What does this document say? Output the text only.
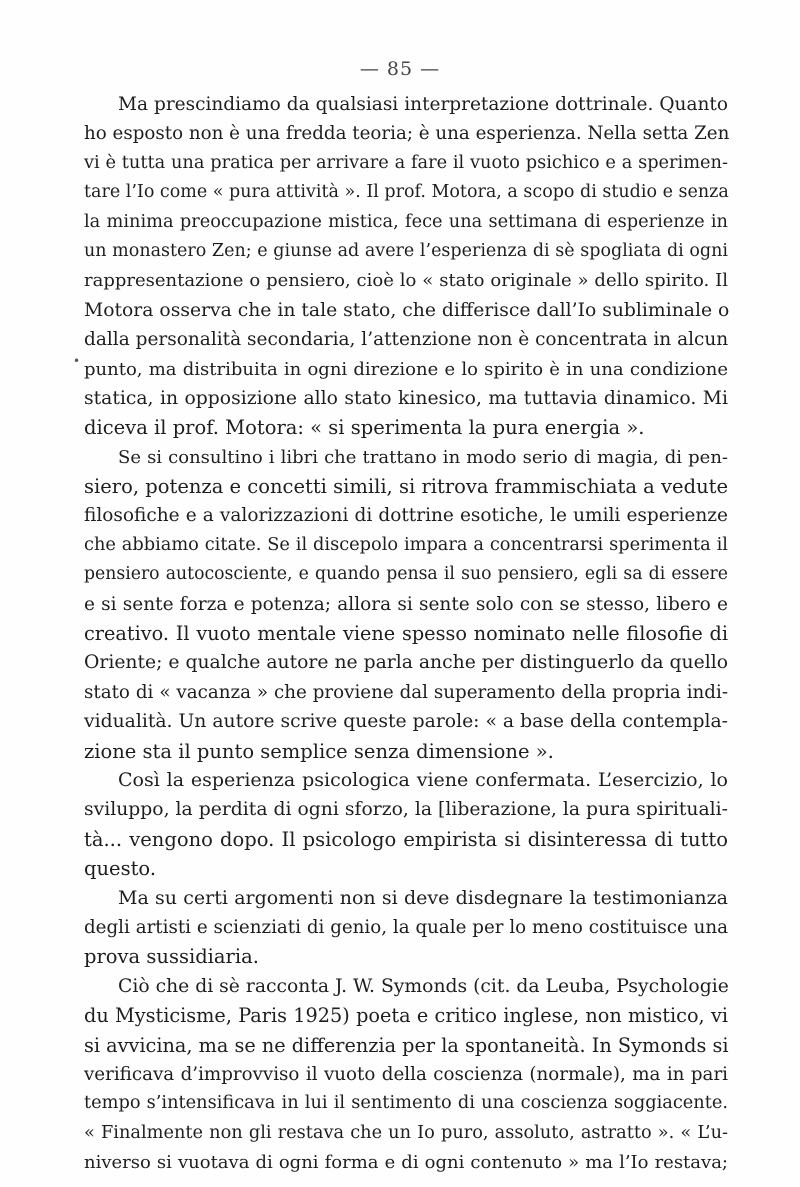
— 85 —
•
Ma prescindiamo da qualsiasi interpretazione dottrinale. Quanto
ho esposto non è una fredda teoria; è una esperienza. Nella setta Zen
vi è tutta una pratica per arrivare a fare il vuoto psichico e a sperimen-
tare l’Io come « pura attività ». Il prof. Motora, a scopo di studio e senza
la minima preoccupazione mistica, fece una settimana di esperienze in
un monastero Zen; e giunse ad avere l’esperienza di sè spogliata di ogni
rappresentazione o pensiero, cioè lo « stato originale » dello spirito. Il
Motora osserva che in tale stato, che differisce dall’Io subliminale o
dalla personalità secondaria, l’attenzione non è concentrata in alcun
punto, ma distribuita in ogni direzione e lo spirito è in una condizione
statica, in opposizione allo stato kinesico, ma tuttavia dinamico. Mi
diceva il prof. Motora: « si sperimenta la pura energia ».
Se si consultino i libri che trattano in modo serio di magia, di pen-
siero, potenza e concetti simili, si ritrova frammischiata a vedute
filosofiche e a valorizzazioni di dottrine esotiche, le umili esperienze
che abbiamo citate. Se il discepolo impara a concentrarsi sperimenta il
pensiero autocosciente, e quando pensa il suo pensiero, egli sa di essere
e si sente forza e potenza; allora si sente solo con se stesso, libero e
creativo. Il vuoto mentale viene spesso nominato nelle filosofie di
Oriente; e qualche autore ne parla anche per distinguerlo da quello
stato di « vacanza » che proviene dal superamento della propria indi-
vidualità. Un autore scrive queste parole: « a base della contempla-
zione sta il punto semplice senza dimensione ».
Così la esperienza psicologica viene confermata. L’esercizio, lo
sviluppo, la perdita di ogni sforzo, la [liberazione, la pura spirituali-
tà... vengono dopo. Il psicologo empirista si disinteressa di tutto
questo.
Ma su certi argomenti non si deve disdegnare la testimonianza
degli artisti e scienziati di genio, la quale per lo meno costituisce una
prova sussidiaria.
Ciò che di sè racconta J. W. Symonds (cit. da Leuba, Psychologie
du Mysticisme, Paris 1925) poeta e critico inglese, non mistico, vi
si avvicina, ma se ne differenzia per la spontaneità. In Symonds si
verificava d’improvviso il vuoto della coscienza (normale), ma in pari
tempo s’intensificava in lui il sentimento di una coscienza soggiacente.
« Finalmente non gli restava che un Io puro, assoluto, astratto ». « L’u-
niverso si vuotava di ogni forma e di ogni contenuto » ma l’Io restava;
